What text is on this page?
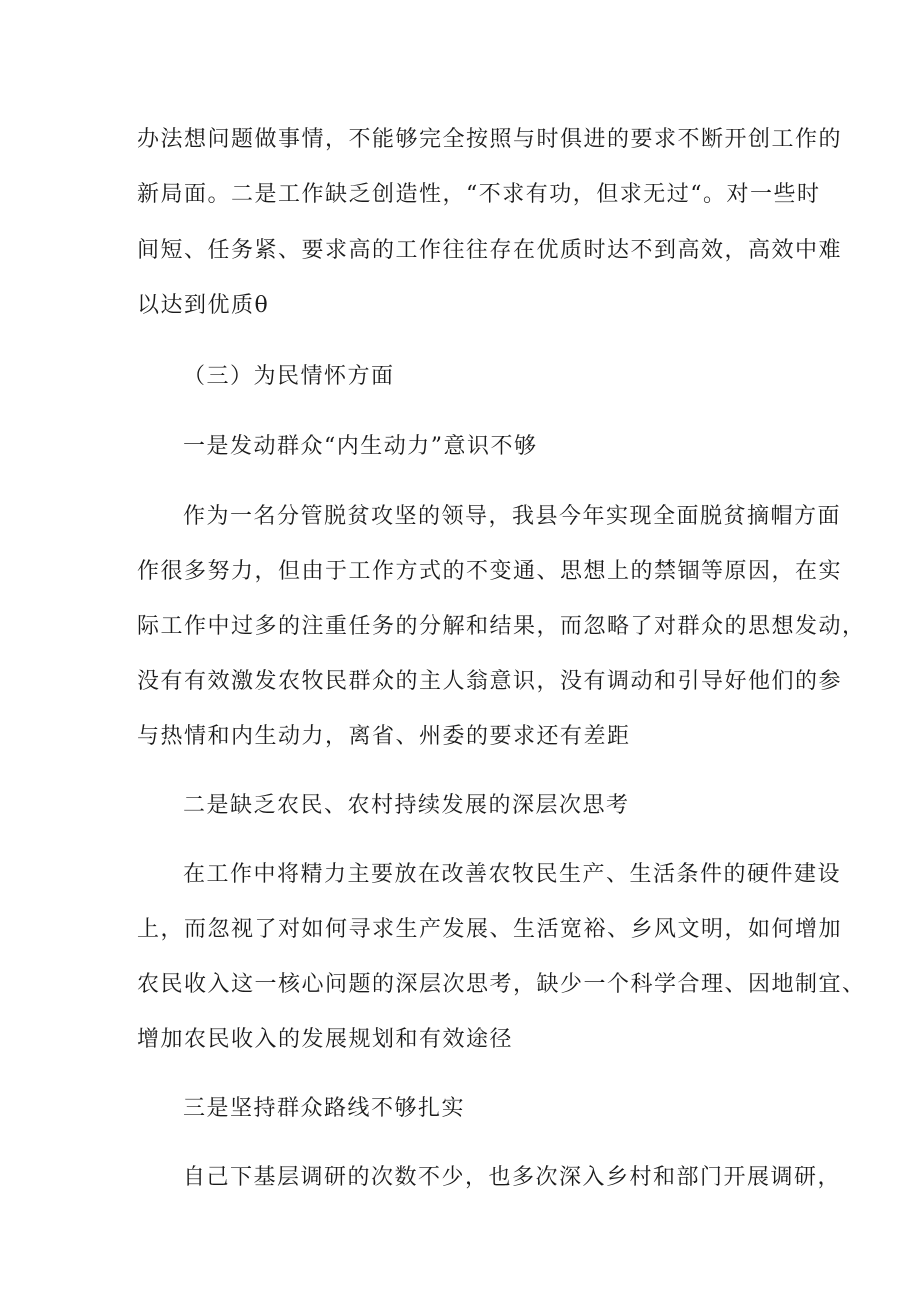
办法想问题做事情，不能够完全按照与时俱进的要求不断开创工作的
新局面。二是工作缺乏创造性，“不求有功，但求无过“。对一些时
间短、任务紧、要求高的工作往往存在优质时达不到高效，高效中难
以达到优质θ
（三）为民情怀方面
一是发动群众“内生动力”意识不够
作为一名分管脱贫攻坚的领导，我县今年实现全面脱贫摘帽方面
作很多努力，但由于工作方式的不变通、思想上的禁锢等原因，在实
际工作中过多的注重任务的分解和结果，而忽略了对群众的思想发动，
没有有效激发农牧民群众的主人翁意识，没有调动和引导好他们的参
与热情和内生动力，离省、州委的要求还有差距
二是缺乏农民、农村持续发展的深层次思考
在工作中将精力主要放在改善农牧民生产、生活条件的硬件建设
上，而忽视了对如何寻求生产发展、生活宽裕、乡风文明，如何增加
农民收入这一核心问题的深层次思考，缺少一个科学合理、因地制宜、
增加农民收入的发展规划和有效途径
三是坚持群众路线不够扎实
自己下基层调研的次数不少，也多次深入乡村和部门开展调研，
